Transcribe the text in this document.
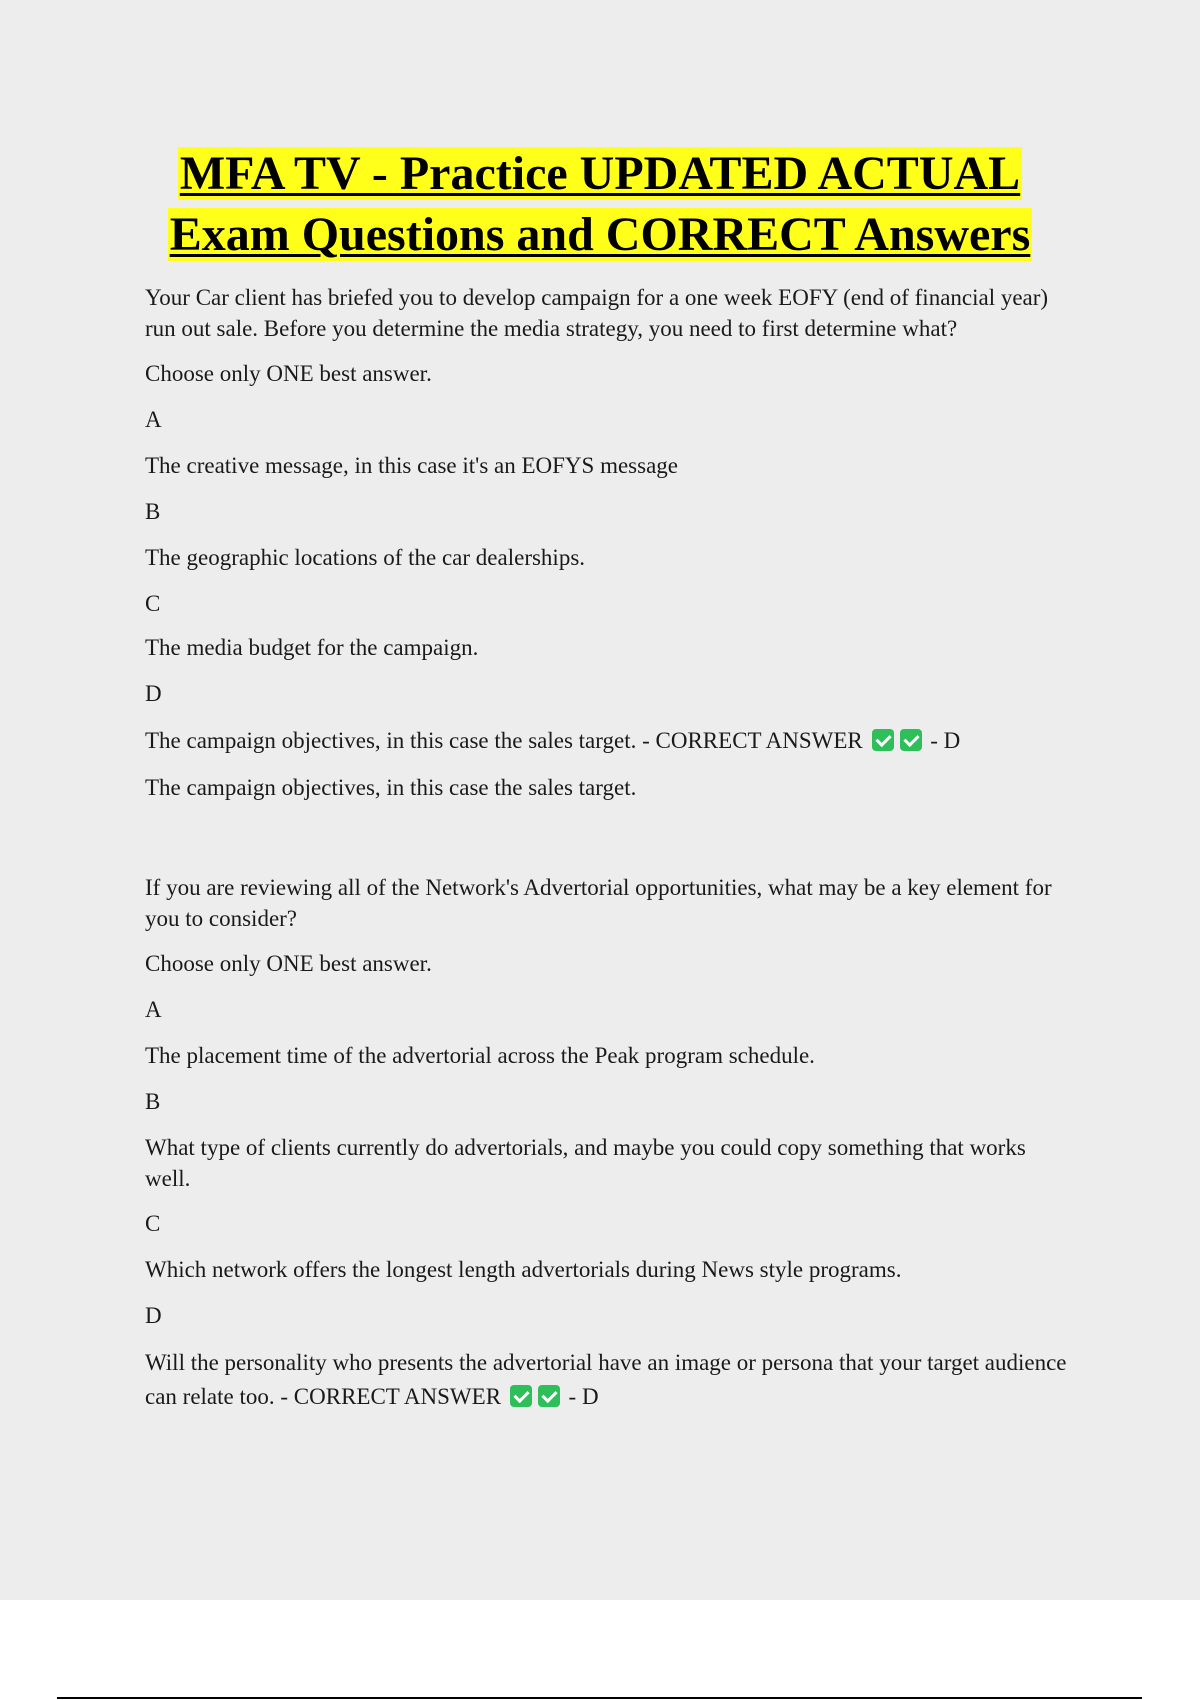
MFA TV - Practice UPDATED ACTUAL
Exam Questions and CORRECT Answers

Your Car client has briefed you to develop campaign for a one week EOFY (end of financial year) run out sale. Before you determine the media strategy, you need to first determine what?

Choose only ONE best answer.

A

The creative message, in this case it's an EOFYS message

B

The geographic locations of the car dealerships.

C

The media budget for the campaign.

D

The campaign objectives, in this case the sales target. - CORRECT ANSWER	- D

The campaign objectives, in this case the sales target.

If you are reviewing all of the Network's Advertorial opportunities, what may be a key element for you to consider?

Choose only ONE best answer.

A

The placement time of the advertorial across the Peak program schedule.

B

What type of clients currently do advertorials, and maybe you could copy something that works well.

C

Which network offers the longest length advertorials during News style programs.

D

Will the personality who presents the advertorial have an image or persona that your target audience can relate too. - CORRECT ANSWER	- D
